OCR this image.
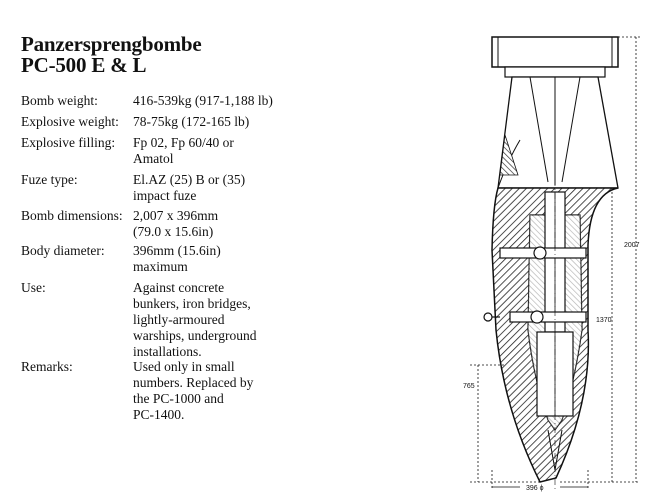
Panzersprengbombe
PC-500 E & L
Bomb weight:	416-539kg (917-1,188 lb)
Explosive weight: 78-75kg (172-165 lb)
Explosive filling: Fp 02, Fp 60/40 or
Amatol
Fuze type:	El.AZ (25) B or (35)
impact fuze
Bomb dimensions: 2,007 x 396mm
(79.0 x 15.6in)
Body diameter: 396mm (15.6in)
maximum
Use:	Against concrete
bunkers, iron bridges,
lightly-armoured
warships, underground
installations.
Remarks:	Used only in small
numbers. Replaced by
the PC-1000 and
PC-1400.
2007
1370
765
396 ϕ
